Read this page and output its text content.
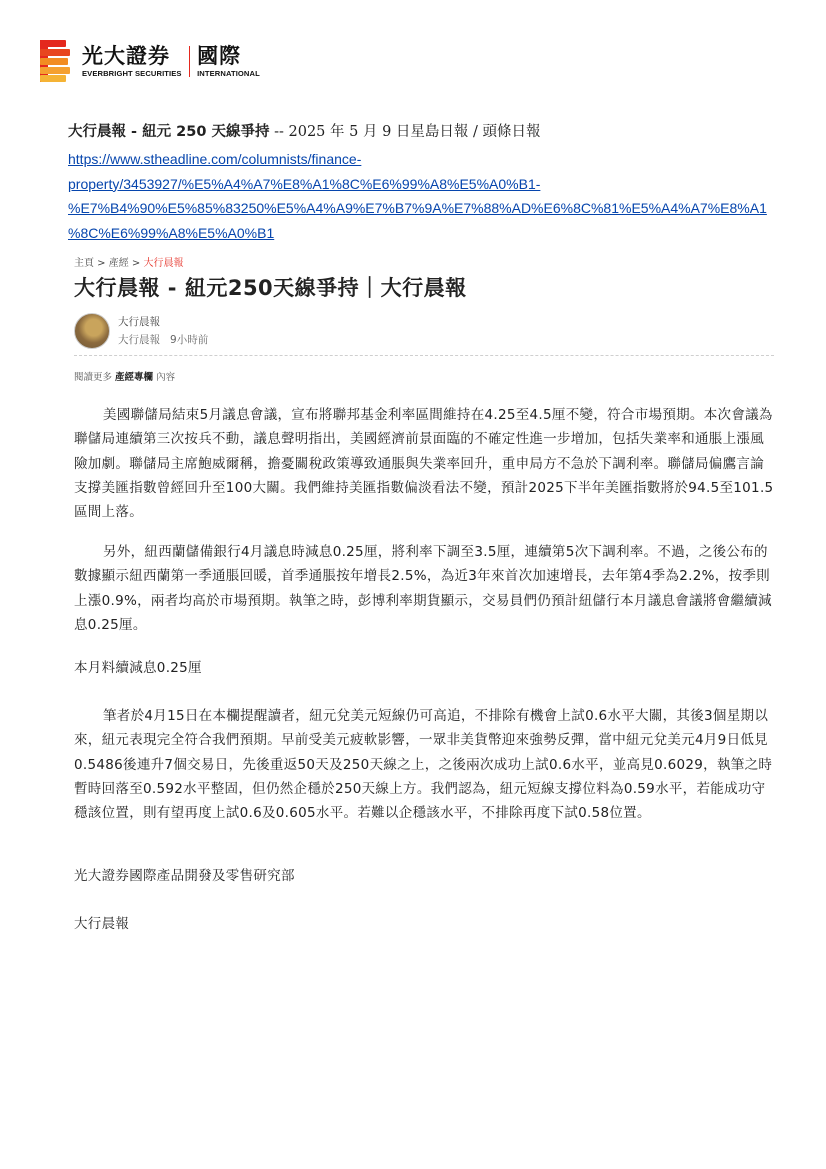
光大證券
EVERBRIGHT SECURITIES
國際
INTERNATIONAL
大行晨報 - 紐元 250 天線爭持 -- 2025 年 5 月 9 日星島日報 / 頭條日報
https://www.stheadline.com/columnists/finance-
property/3453927/%E5%A4%A7%E8%A1%8C%E6%99%A8%E5%A0%B1-
%E7%B4%90%E5%85%83250%E5%A4%A9%E7%B7%9A%E7%88%AD%E6%8C%81%E5%A4%A7%E8%A1
%8C%E6%99%A8%E5%A0%B1
主頁 > 產經 > 大行晨報
大行晨報 - 紐元250天線爭持｜大行晨報
大行晨報
大行晨報 9小時前
閱讀更多 產經專欄 內容

美國聯儲局結束5月議息會議，宣布將聯邦基金利率區間維持在4.25至4.5厘不變，符合市場預期。本次會議為聯儲局連續第三次按兵不動，議息聲明指出，美國經濟前景面臨的不確定性進一步增加，包括失業率和通脹上漲風險加劇。聯儲局主席鮑威爾稱，擔憂關稅政策導致通脹與失業率回升，重申局方不急於下調利率。聯儲局偏鷹言論支撐美匯指數曾經回升至100大關。我們維持美匯指數偏淡看法不變，預計2025下半年美匯指數將於94.5至101.5區間上落。

另外，紐西蘭儲備銀行4月議息時減息0.25厘，將利率下調至3.5厘，連續第5次下調利率。不過，之後公布的數據顯示紐西蘭第一季通脹回暖，首季通脹按年增長2.5%，為近3年來首次加速增長，去年第4季為2.2%，按季則上漲0.9%，兩者均高於市場預期。執筆之時，彭博利率期貨顯示，交易員們仍預計紐儲行本月議息會議將會繼續減息0.25厘。

本月料續減息0.25厘

筆者於4月15日在本欄提醒讀者，紐元兌美元短線仍可高追，不排除有機會上試0.6水平大關，其後3個星期以來，紐元表現完全符合我們預期。早前受美元疲軟影響，一眾非美貨幣迎來強勢反彈，當中紐元兌美元4月9日低見0.5486後連升7個交易日，先後重返50天及250天線之上，之後兩次成功上試0.6水平，並高見0.6029，執筆之時暫時回落至0.592水平整固，但仍然企穩於250天線上方。我們認為，紐元短線支撐位料為0.59水平，若能成功守穩該位置，則有望再度上試0.6及0.605水平。若難以企穩該水平，不排除再度下試0.58位置。

光大證券國際產品開發及零售研究部

大行晨報
